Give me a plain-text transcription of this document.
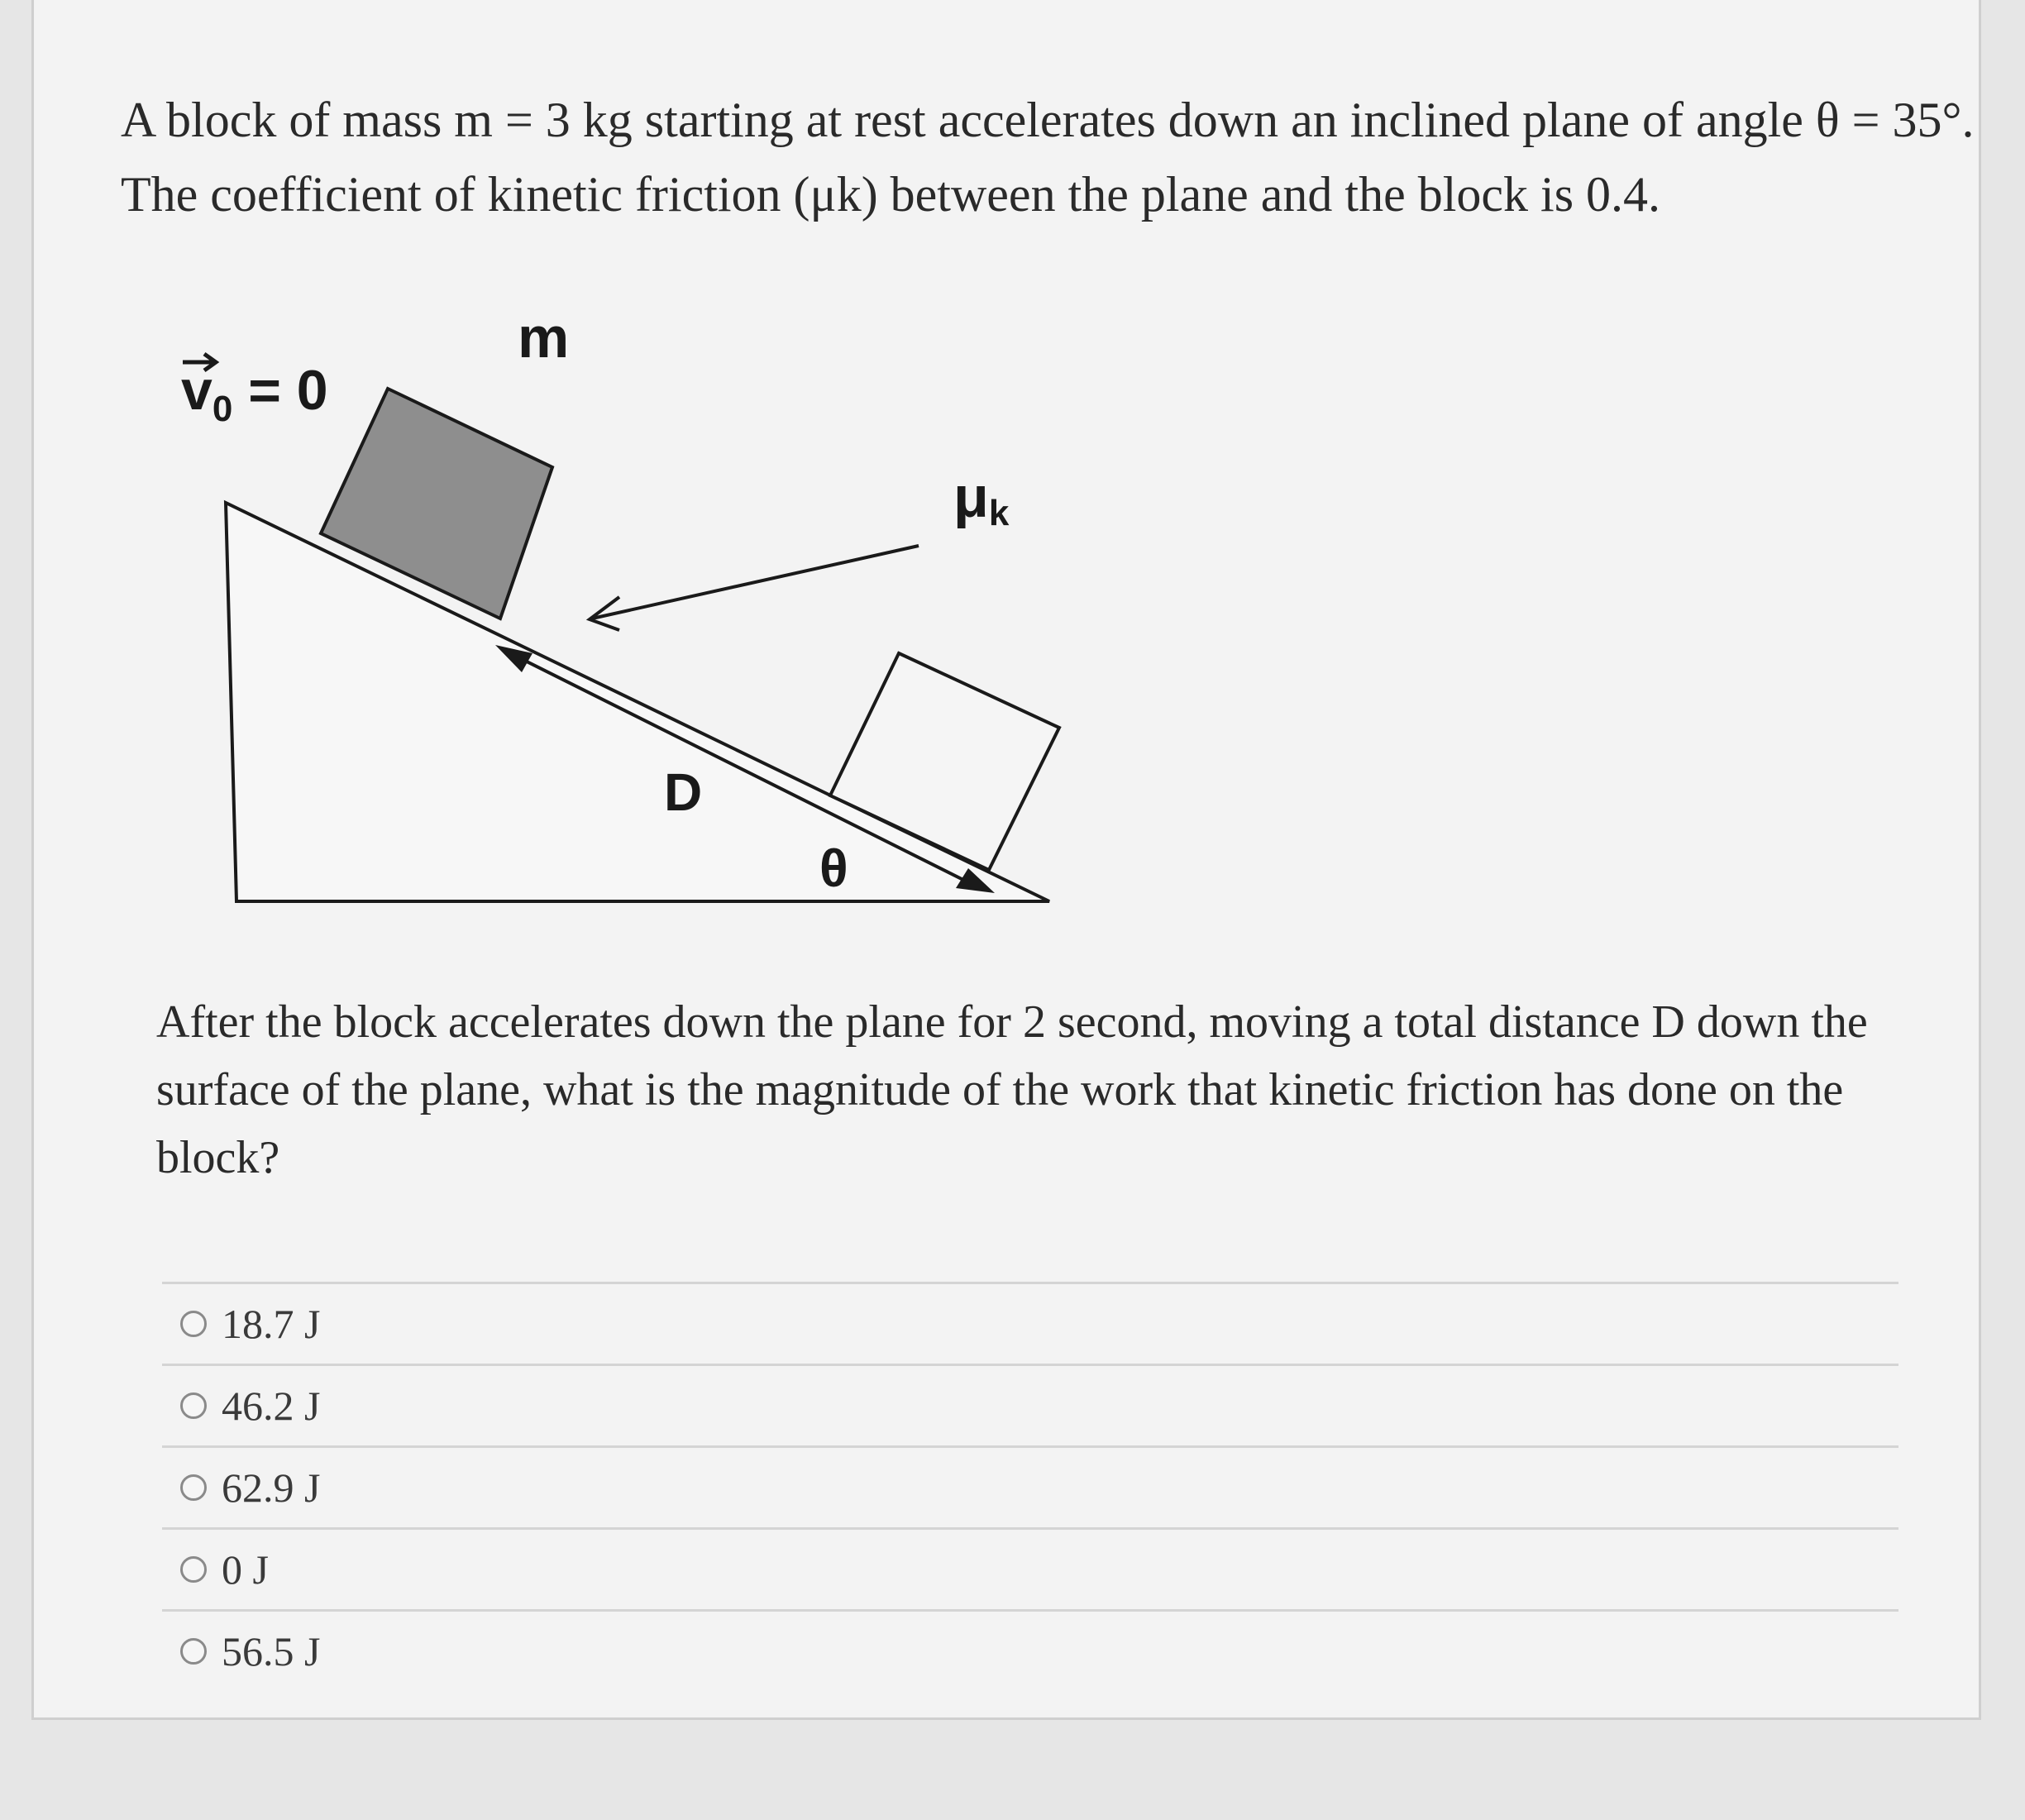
A block of mass m = 3 kg starting at rest accelerates down an inclined plane of angle θ = 35°.
The coefficient of kinetic friction (μk) between the plane and the block is 0.4.

$v_0 = 0$
m
μk
D
θ

After the block accelerates down the plane for 2 second, moving a total distance D down the surface of the plane, what is the magnitude of the work that kinetic friction has done on the block?

18.7 J
46.2 J
62.9 J
0 J
56.5 J
